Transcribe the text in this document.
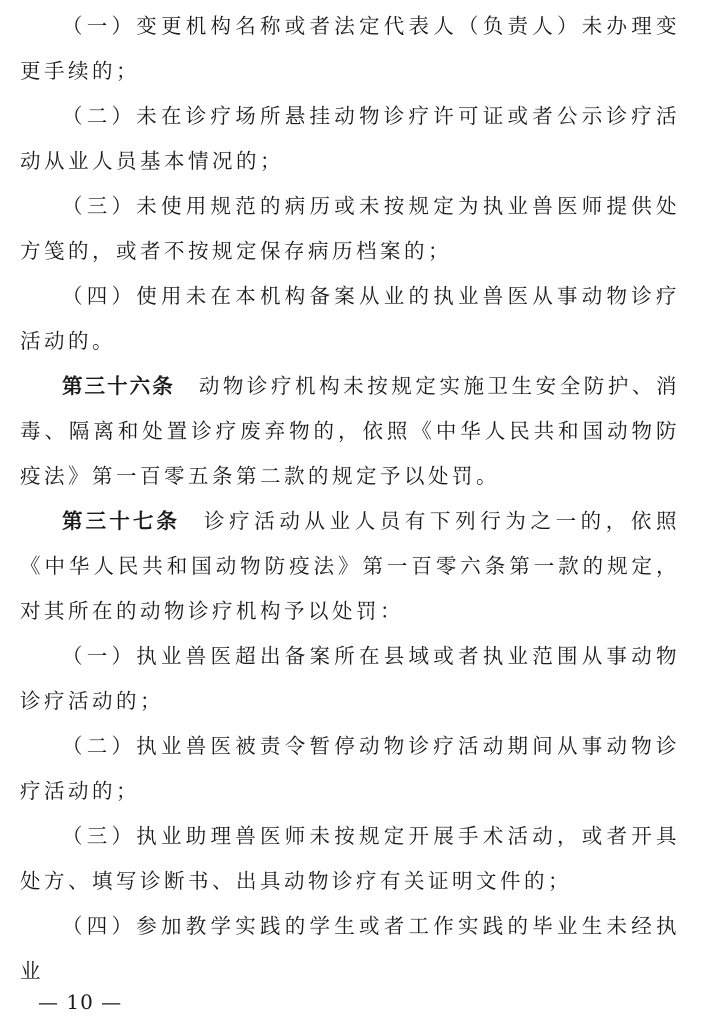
（一）变更机构名称或者法定代表人（负责人）未办理变更手续的；

（二）未在诊疗场所悬挂动物诊疗许可证或者公示诊疗活动从业人员基本情况的；

（三）未使用规范的病历或未按规定为执业兽医师提供处方笺的，或者不按规定保存病历档案的；

（四）使用未在本机构备案从业的执业兽医从事动物诊疗活动的。

第三十六条 动物诊疗机构未按规定实施卫生安全防护、消毒、隔离和处置诊疗废弃物的，依照《中华人民共和国动物防疫法》第一百零五条第二款的规定予以处罚。

第三十七条 诊疗活动从业人员有下列行为之一的，依照《中华人民共和国动物防疫法》第一百零六条第一款的规定，对其所在的动物诊疗机构予以处罚：

（一）执业兽医超出备案所在县域或者执业范围从事动物诊疗活动的；

（二）执业兽医被责令暂停动物诊疗活动期间从事动物诊疗活动的；

（三）执业助理兽医师未按规定开展手术活动，或者开具处方、填写诊断书、出具动物诊疗有关证明文件的；

（四）参加教学实践的学生或者工作实践的毕业生未经执业

— 10 —
